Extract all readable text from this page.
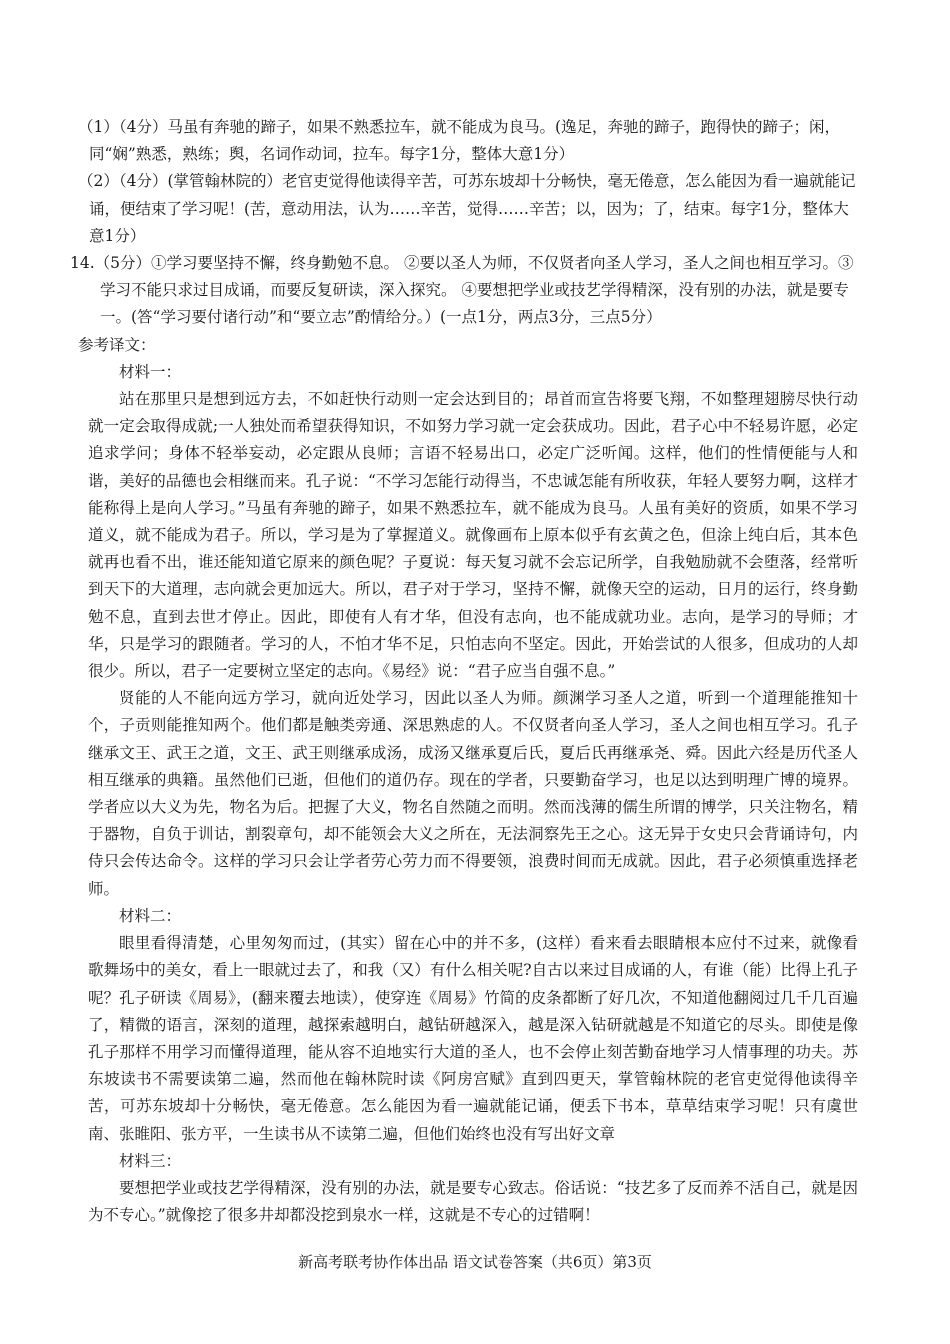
（1）（4分）马虽有奔驰的蹄子，如果不熟悉拉车，就不能成为良马。(逸足，奔驰的蹄子，跑得快的蹄子；闲，同“娴”熟悉，熟练；舆，名词作动词，拉车。每字1分，整体大意1分）

（2）（4分）(掌管翰林院的）老官吏觉得他读得辛苦，可苏东坡却十分畅快，毫无倦意，怎么能因为看一遍就能记诵，便结束了学习呢！(苦，意动用法，认为……辛苦，觉得……辛苦；以，因为；了，结束。每字1分，整体大意1分）

14.（5分）①学习要坚持不懈，终身勤勉不息。 ②要以圣人为师，不仅贤者向圣人学习，圣人之间也相互学习。③学习不能只求过目成诵，而要反复研读，深入探究。 ④要想把学业或技艺学得精深，没有别的办法，就是要专一。(答“学习要付诸行动”和“要立志”酌情给分。）(一点1分，两点3分，三点5分）

参考译文：

材料一：

站在那里只是想到远方去，不如赶快行动则一定会达到目的；昂首而宣告将要飞翔，不如整理翅膀尽快行动就一定会取得成就;一人独处而希望获得知识，不如努力学习就一定会获成功。因此，君子心中不轻易许愿，必定追求学问；身体不轻举妄动，必定跟从良师；言语不轻易出口，必定广泛听闻。这样，他们的性情便能与人和谐，美好的品德也会相继而来。孔子说：“不学习怎能行动得当，不忠诚怎能有所收获，年轻人要努力啊，这样才能称得上是向人学习。”马虽有奔驰的蹄子，如果不熟悉拉车，就不能成为良马。人虽有美好的资质，如果不学习道义，就不能成为君子。所以，学习是为了掌握道义。就像画布上原本似乎有玄黄之色，但涂上纯白后，其本色就再也看不出，谁还能知道它原来的颜色呢？子夏说：每天复习就不会忘记所学，自我勉励就不会堕落，经常听到天下的大道理，志向就会更加远大。所以，君子对于学习，坚持不懈，就像天空的运动，日月的运行，终身勤勉不息，直到去世才停止。因此，即使有人有才华，但没有志向，也不能成就功业。志向，是学习的导师；才华，只是学习的跟随者。学习的人，不怕才华不足，只怕志向不坚定。因此，开始尝试的人很多，但成功的人却很少。所以，君子一定要树立坚定的志向。《易经》说：“君子应当自强不息。”

贤能的人不能向远方学习，就向近处学习，因此以圣人为师。颜渊学习圣人之道，听到一个道理能推知十个，子贡则能推知两个。他们都是触类旁通、深思熟虑的人。不仅贤者向圣人学习，圣人之间也相互学习。孔子继承文王、武王之道，文王、武王则继承成汤，成汤又继承夏后氏，夏后氏再继承尧、舜。因此六经是历代圣人相互继承的典籍。虽然他们已逝，但他们的道仍存。现在的学者，只要勤奋学习，也足以达到明理广博的境界。学者应以大义为先，物名为后。把握了大义，物名自然随之而明。然而浅薄的儒生所谓的博学，只关注物名，精于器物，自负于训诂，割裂章句，却不能领会大义之所在，无法洞察先王之心。这无异于女史只会背诵诗句，内侍只会传达命令。这样的学习只会让学者劳心劳力而不得要领，浪费时间而无成就。因此，君子必须慎重选择老师。

材料二：

眼里看得清楚，心里匆匆而过，(其实）留在心中的并不多，(这样）看来看去眼睛根本应付不过来，就像看歌舞场中的美女，看上一眼就过去了，和我（又）有什么相关呢?自古以来过目成诵的人，有谁（能）比得上孔子呢？孔子研读《周易》，(翻来覆去地读），使穿连《周易》竹简的皮条都断了好几次，不知道他翻阅过几千几百遍了，精微的语言，深刻的道理，越探索越明白，越钻研越深入，越是深入钻研就越是不知道它的尽头。即使是像孔子那样不用学习而懂得道理，能从容不迫地实行大道的圣人，也不会停止刻苦勤奋地学习人情事理的功夫。苏东坡读书不需要读第二遍，然而他在翰林院时读《阿房宫赋》直到四更天，掌管翰林院的老官吏觉得他读得辛苦，可苏东坡却十分畅快，毫无倦意。怎么能因为看一遍就能记诵，便丢下书本，草草结束学习呢！只有虞世南、张睢阳、张方平，一生读书从不读第二遍，但他们始终也没有写出好文章

材料三：

要想把学业或技艺学得精深，没有别的办法，就是要专心致志。俗话说：“技艺多了反而养不活自己，就是因为不专心。”就像挖了很多井却都没挖到泉水一样，这就是不专心的过错啊！

新高考联考协作体出品 语文试卷答案（共6页）第3页
